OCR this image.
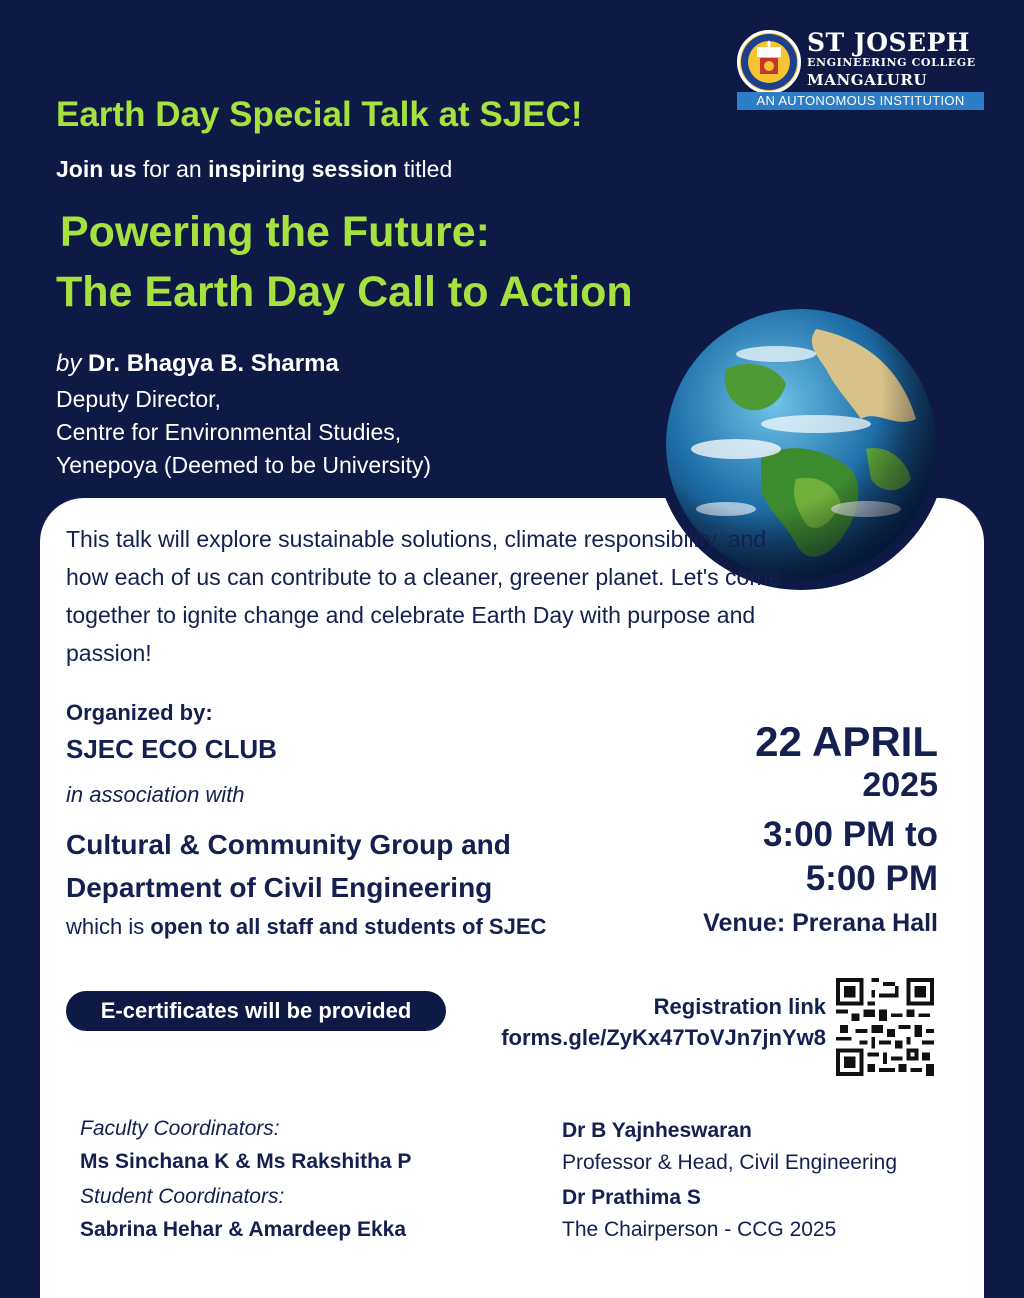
ST JOSEPH
ENGINEERING COLLEGE
MANGALURU
AN AUTONOMOUS INSTITUTION
Earth Day Special Talk at SJEC!
Join us for an inspiring session titled
Powering the Future:
The Earth Day Call to Action
by Dr. Bhagya B. Sharma
Deputy Director,
Centre for Environmental Studies,
Yenepoya (Deemed to be University)
This talk will explore sustainable solutions, climate responsibility, and how each of us can contribute to a cleaner, greener planet. Let's come together to ignite change and celebrate Earth Day with purpose and passion!
Organized by:
SJEC ECO CLUB
in association with
Cultural & Community Group and
Department of Civil Engineering
which is open to all staff and students of SJEC
22 APRIL
2025
3:00 PM to
5:00 PM
Venue: Prerana Hall
E-certificates will be provided	Registration link
forms.gle/ZyKx47ToVJn7jnYw8
Faculty Coordinators:
Ms Sinchana K & Ms Rakshitha P
Student Coordinators:
Sabrina Hehar & Amardeep Ekka
Dr B Yajnheswaran
Professor & Head, Civil Engineering
Dr Prathima S
The Chairperson - CCG 2025
